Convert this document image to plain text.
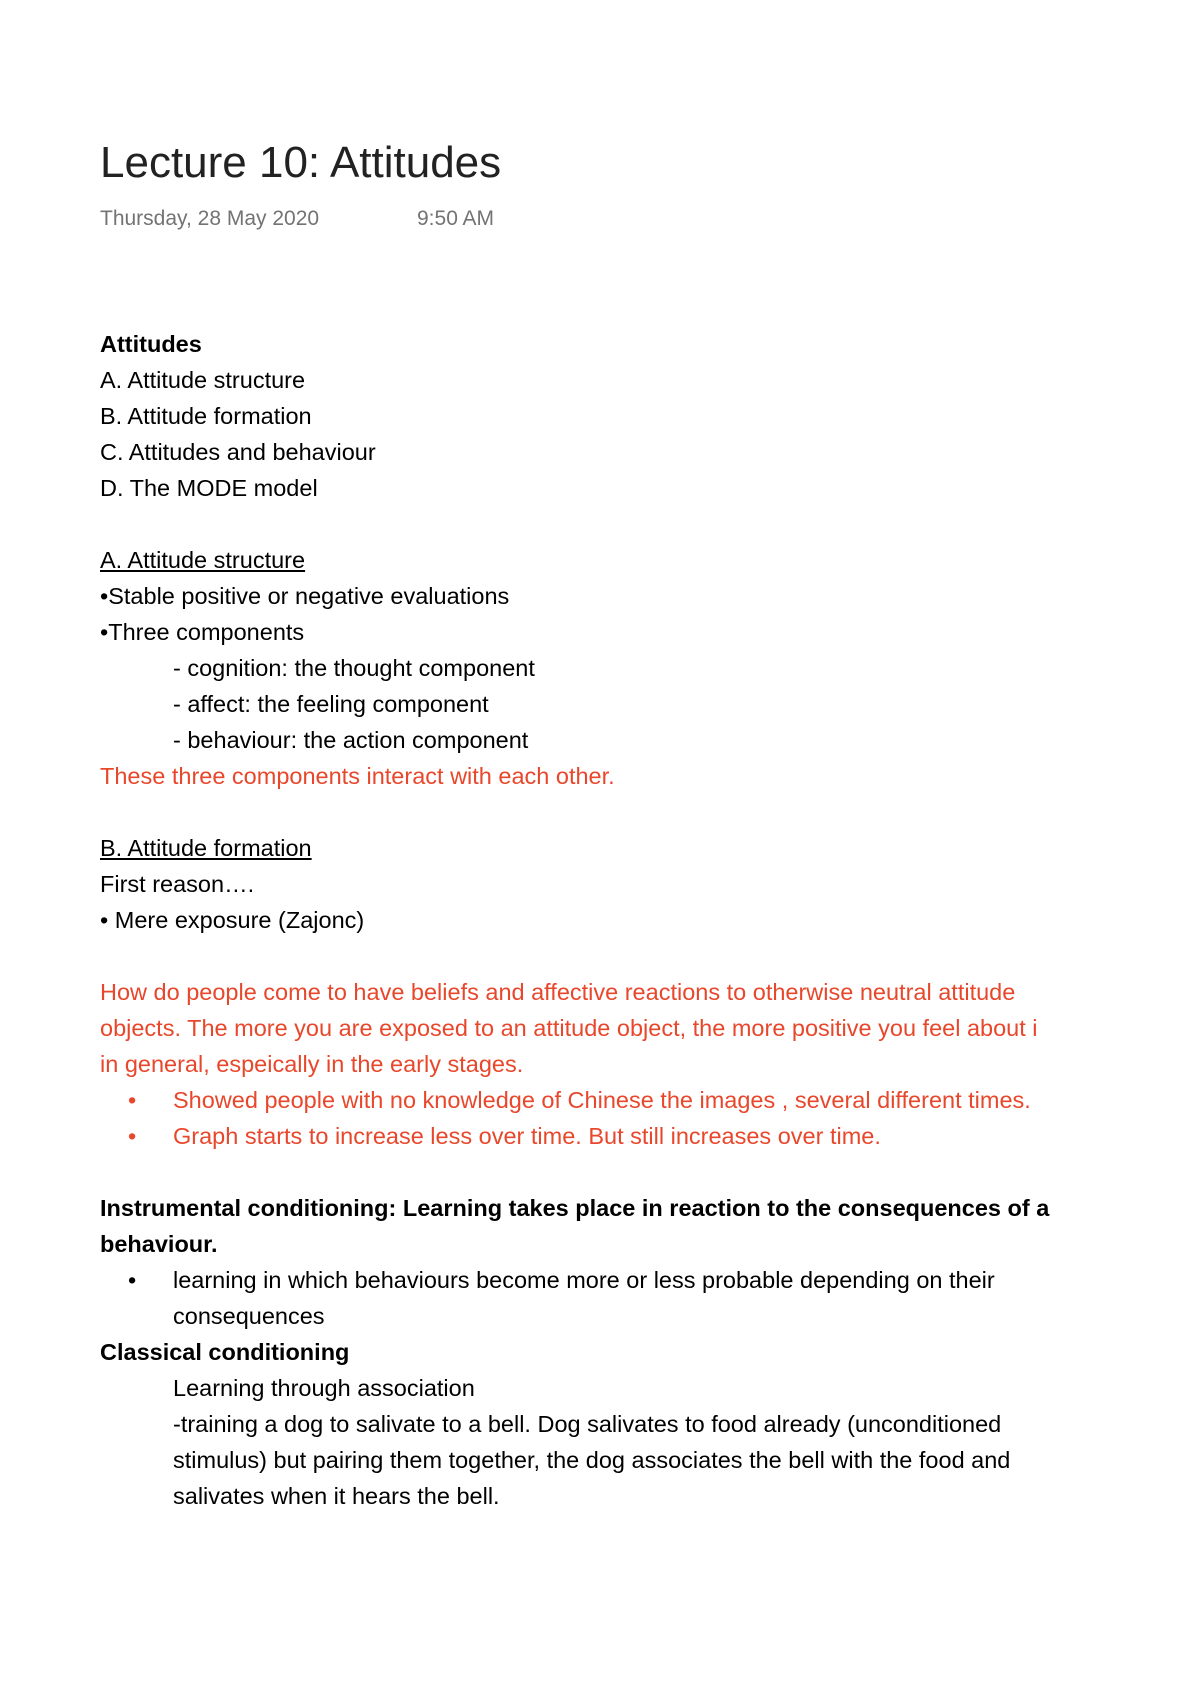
Lecture 10: Attitudes
Thursday, 28 May 2020	9:50 AM
Attitudes
A. Attitude structure
B. Attitude formation
C. Attitudes and behaviour
D. The MODE model
A. Attitude structure
•Stable positive or negative evaluations
•Three components
- cognition: the thought component
- affect: the feeling component
- behaviour: the action component
These three components interact with each other.
B. Attitude formation
First reason….
• Mere exposure (Zajonc)
How do people come to have beliefs and affective reactions to otherwise neutral attitude
objects. The more you are exposed to an attitude object, the more positive you feel about i
in general, espeically in the early stages.
• Showed people with no knowledge of Chinese the images , several different times.
• Graph starts to increase less over time. But still increases over time.
Instrumental conditioning: Learning takes place in reaction to the consequences of a
behaviour.
• learning in which behaviours become more or less probable depending on their
consequences
Classical conditioning
Learning through association
-training a dog to salivate to a bell. Dog salivates to food already (unconditioned
stimulus) but pairing them together, the dog associates the bell with the food and
salivates when it hears the bell.
